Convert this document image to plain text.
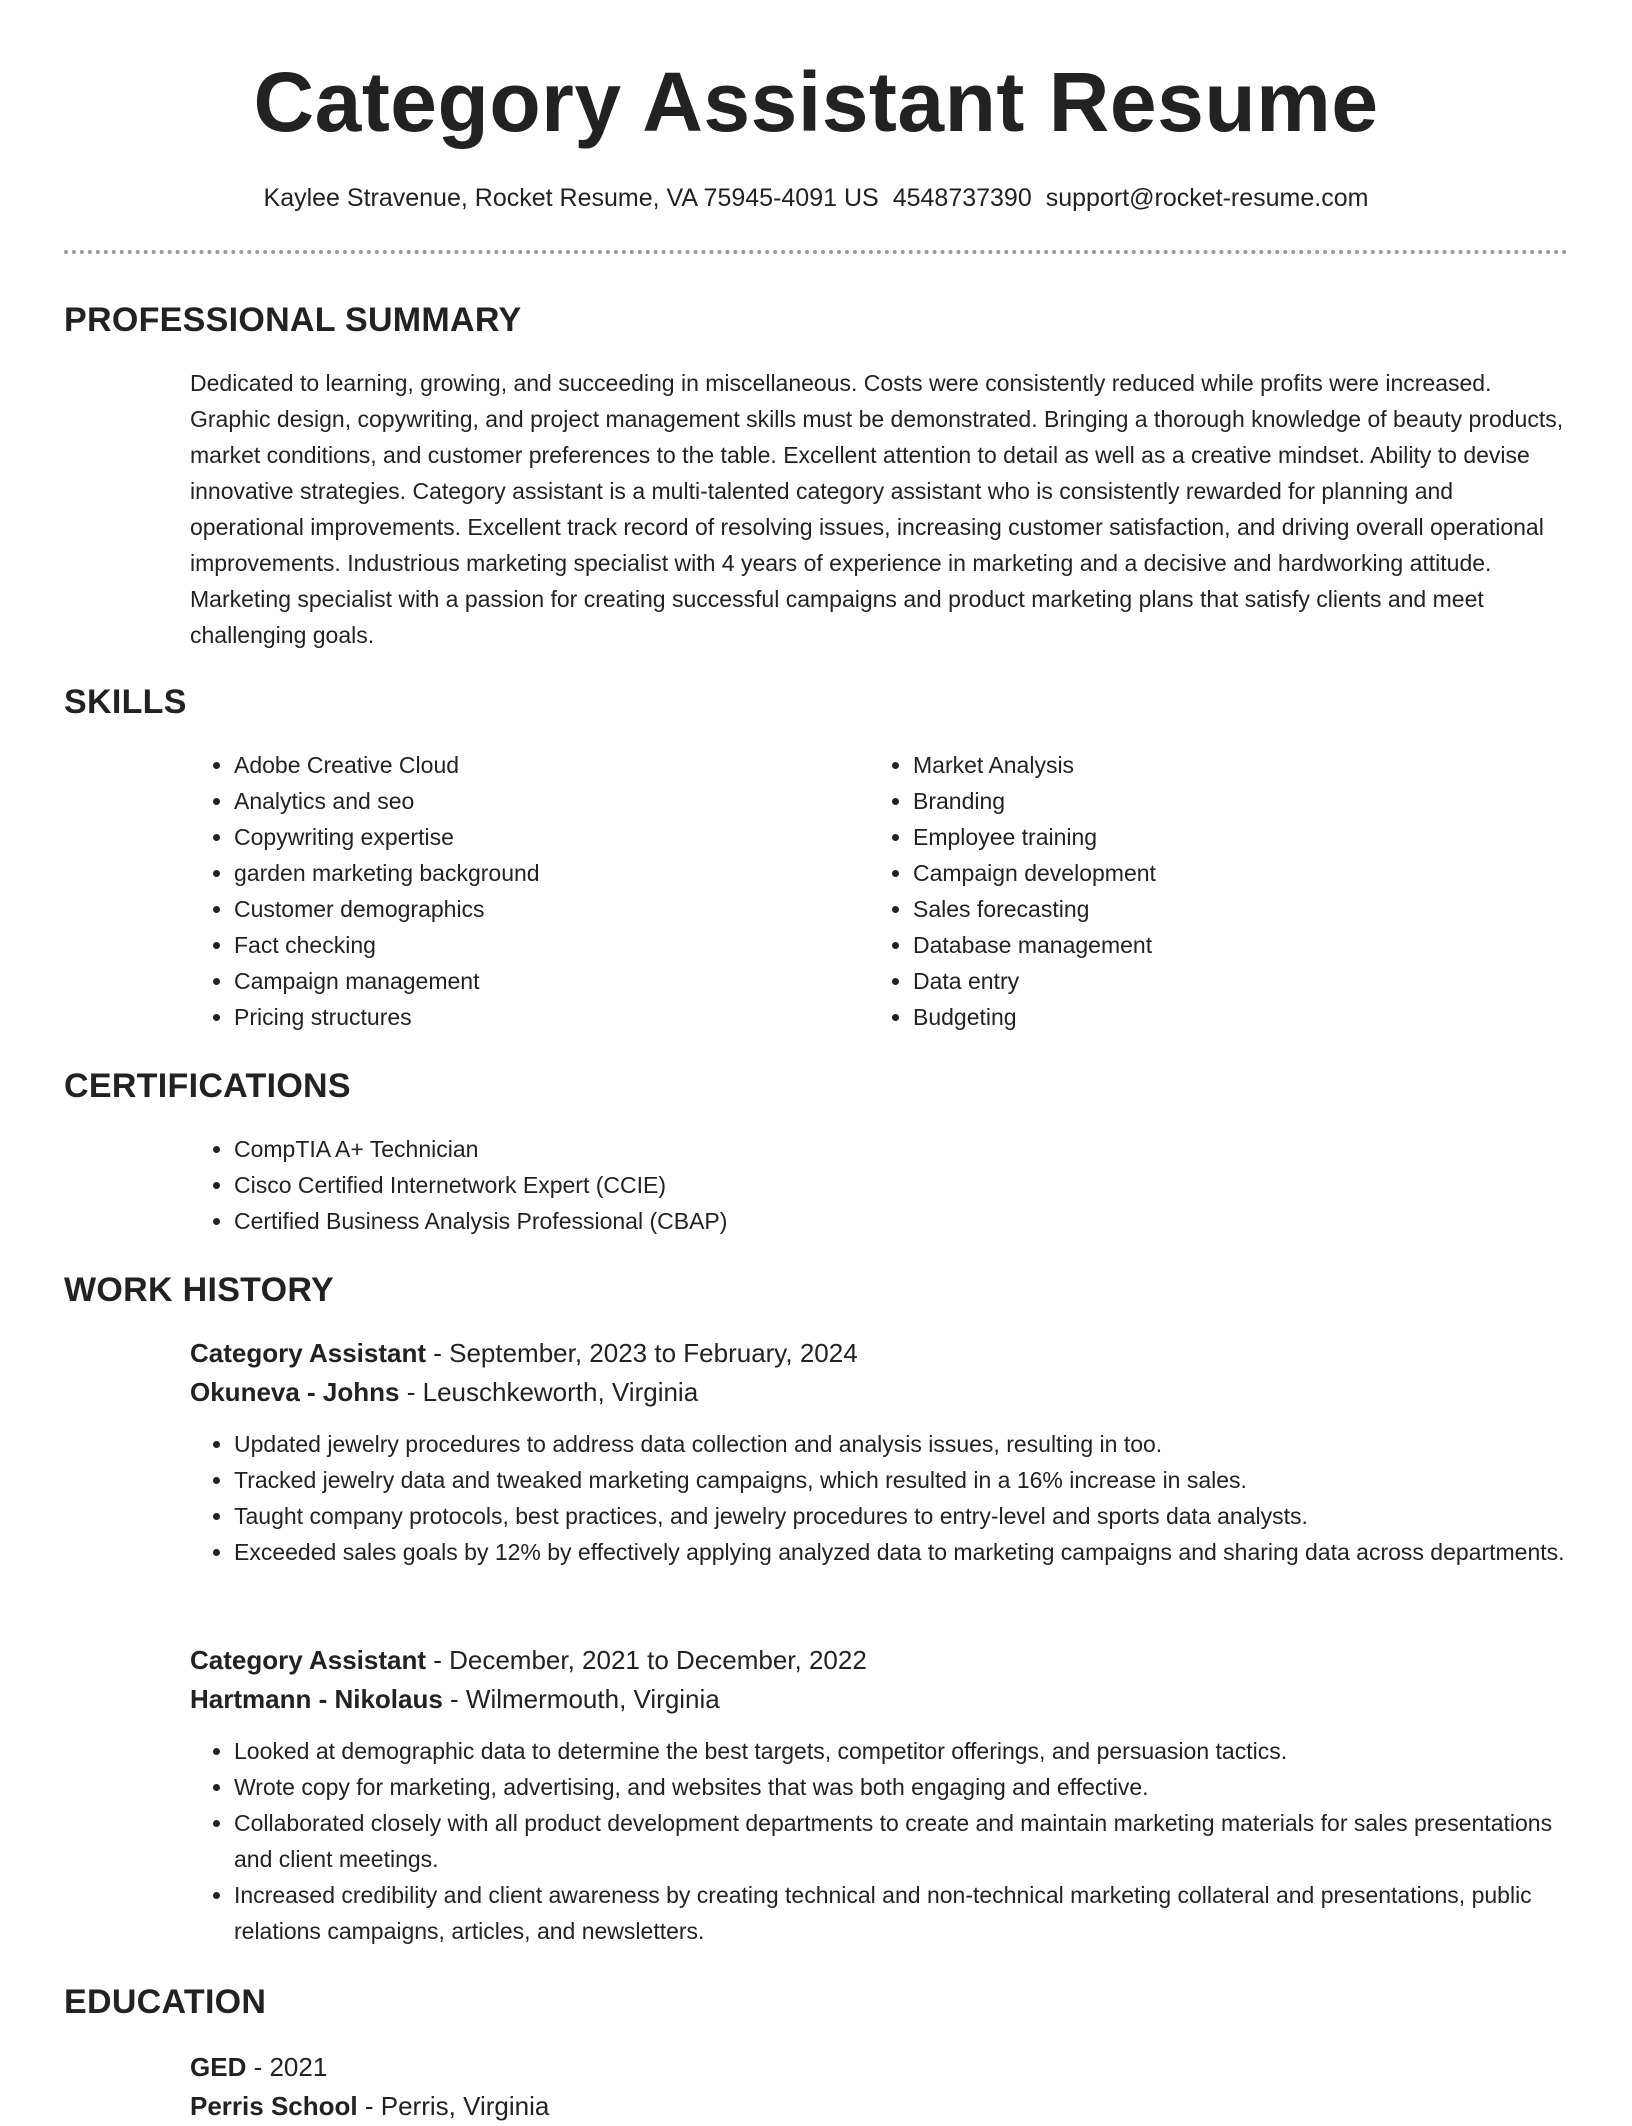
Category Assistant Resume
Kaylee Stravenue, Rocket Resume, VA 75945-4091 US 4548737390 support@rocket-resume.com
PROFESSIONAL SUMMARY

Dedicated to learning, growing, and succeeding in miscellaneous. Costs were consistently reduced while profits were increased. Graphic design, copywriting, and project management skills must be demonstrated. Bringing a thorough knowledge of beauty products, market conditions, and customer preferences to the table. Excellent attention to detail as well as a creative mindset. Ability to devise innovative strategies. Category assistant is a multi-talented category assistant who is consistently rewarded for planning and operational improvements. Excellent track record of resolving issues, increasing customer satisfaction, and driving overall operational improvements. Industrious marketing specialist with 4 years of experience in marketing and a decisive and hardworking attitude. Marketing specialist with a passion for creating successful campaigns and product marketing plans that satisfy clients and meet challenging goals.

SKILLS
• Adobe Creative Cloud
• Analytics and seo
• Copywriting expertise
• garden marketing background
• Customer demographics
• Fact checking
• Campaign management
• Pricing structures
• Market Analysis
• Branding
• Employee training
• Campaign development
• Sales forecasting
• Database management
• Data entry
• Budgeting
CERTIFICATIONS
• CompTIA A+ Technician
• Cisco Certified Internetwork Expert (CCIE)
• Certified Business Analysis Professional (CBAP)
WORK HISTORY
Category Assistant - September, 2023 to February, 2024
Okuneva - Johns - Leuschkeworth, Virginia
• Updated jewelry procedures to address data collection and analysis issues, resulting in too.
• Tracked jewelry data and tweaked marketing campaigns, which resulted in a 16% increase in sales.
• Taught company protocols, best practices, and jewelry procedures to entry-level and sports data analysts.
• Exceeded sales goals by 12% by effectively applying analyzed data to marketing campaigns and sharing data across departments.
Category Assistant - December, 2021 to December, 2022
Hartmann - Nikolaus - Wilmermouth, Virginia
• Looked at demographic data to determine the best targets, competitor offerings, and persuasion tactics.
• Wrote copy for marketing, advertising, and websites that was both engaging and effective.
• Collaborated closely with all product development departments to create and maintain marketing materials for sales presentations and client meetings.
• Increased credibility and client awareness by creating technical and non-technical marketing collateral and presentations, public relations campaigns, articles, and newsletters.
EDUCATION
GED - 2021
Perris School - Perris, Virginia
